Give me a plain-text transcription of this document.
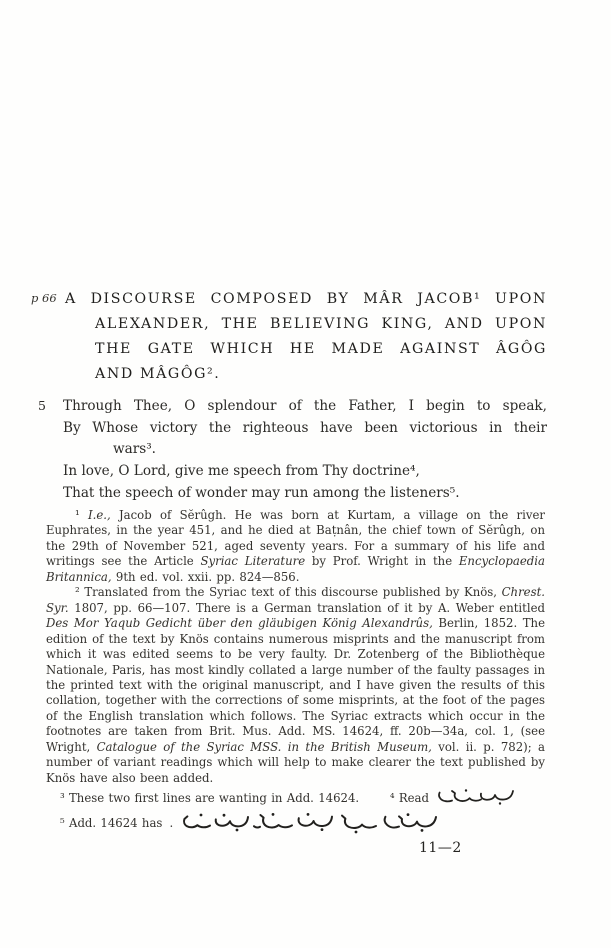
p 66 A DISCOURSE COMPOSED BY MÂR JACOB¹ UPON
ALEXANDER, THE BELIEVING KING, AND UPON
THE GATE WHICH HE MADE AGAINST ÂGÔG
AND MÂGÔG².
5 Through Thee, O splendour of the Father, I begin to speak,
By Whose victory the righteous have been victorious in their
wars³.
In love, O Lord, give me speech from Thy doctrine⁴,
That the speech of wonder may run among the listeners⁵.

¹ I.e., Jacob of Sĕrûgh. He was born at Kurtam, a village on the river Euphrates, in the year 451, and he died at Baṭnân, the chief town of Sĕrûgh, on the 29th of November 521, aged seventy years. For a summary of his life and writings see the Article Syriac Literature by Prof. Wright in the Encyclopaedia Britannica, 9th ed. vol. xxii. pp. 824—856.

² Translated from the Syriac text of this discourse published by Knös, Chrest. Syr. 1807, pp. 66—107. There is a German translation of it by A. Weber entitled Des Mor Yaqub Gedicht über den gläubigen König Alexandrûs, Berlin, 1852. The edition of the text by Knös contains numerous misprints and the manuscript from which it was edited seems to be very faulty. Dr. Zotenberg of the Bibliothèque Nationale, Paris, has most kindly collated a large number of the faulty passages in the printed text with the original manuscript, and I have given the results of this collation, together with the corrections of some misprints, at the foot of the pages of the English translation which follows. The Syriac extracts which occur in the footnotes are taken from Brit. Mus. Add. MS. 14624, ff. 20b—34a, col. 1, (see Wright, Catalogue of the Syriac MSS. in the British Museum, vol. ii. p. 782); a number of variant readings which will help to make clearer the text published by Knös have also been added.

³ These two first lines are wanting in Add. 14624.	⁴ Read
⁵ Add. 14624 has .
11—2
